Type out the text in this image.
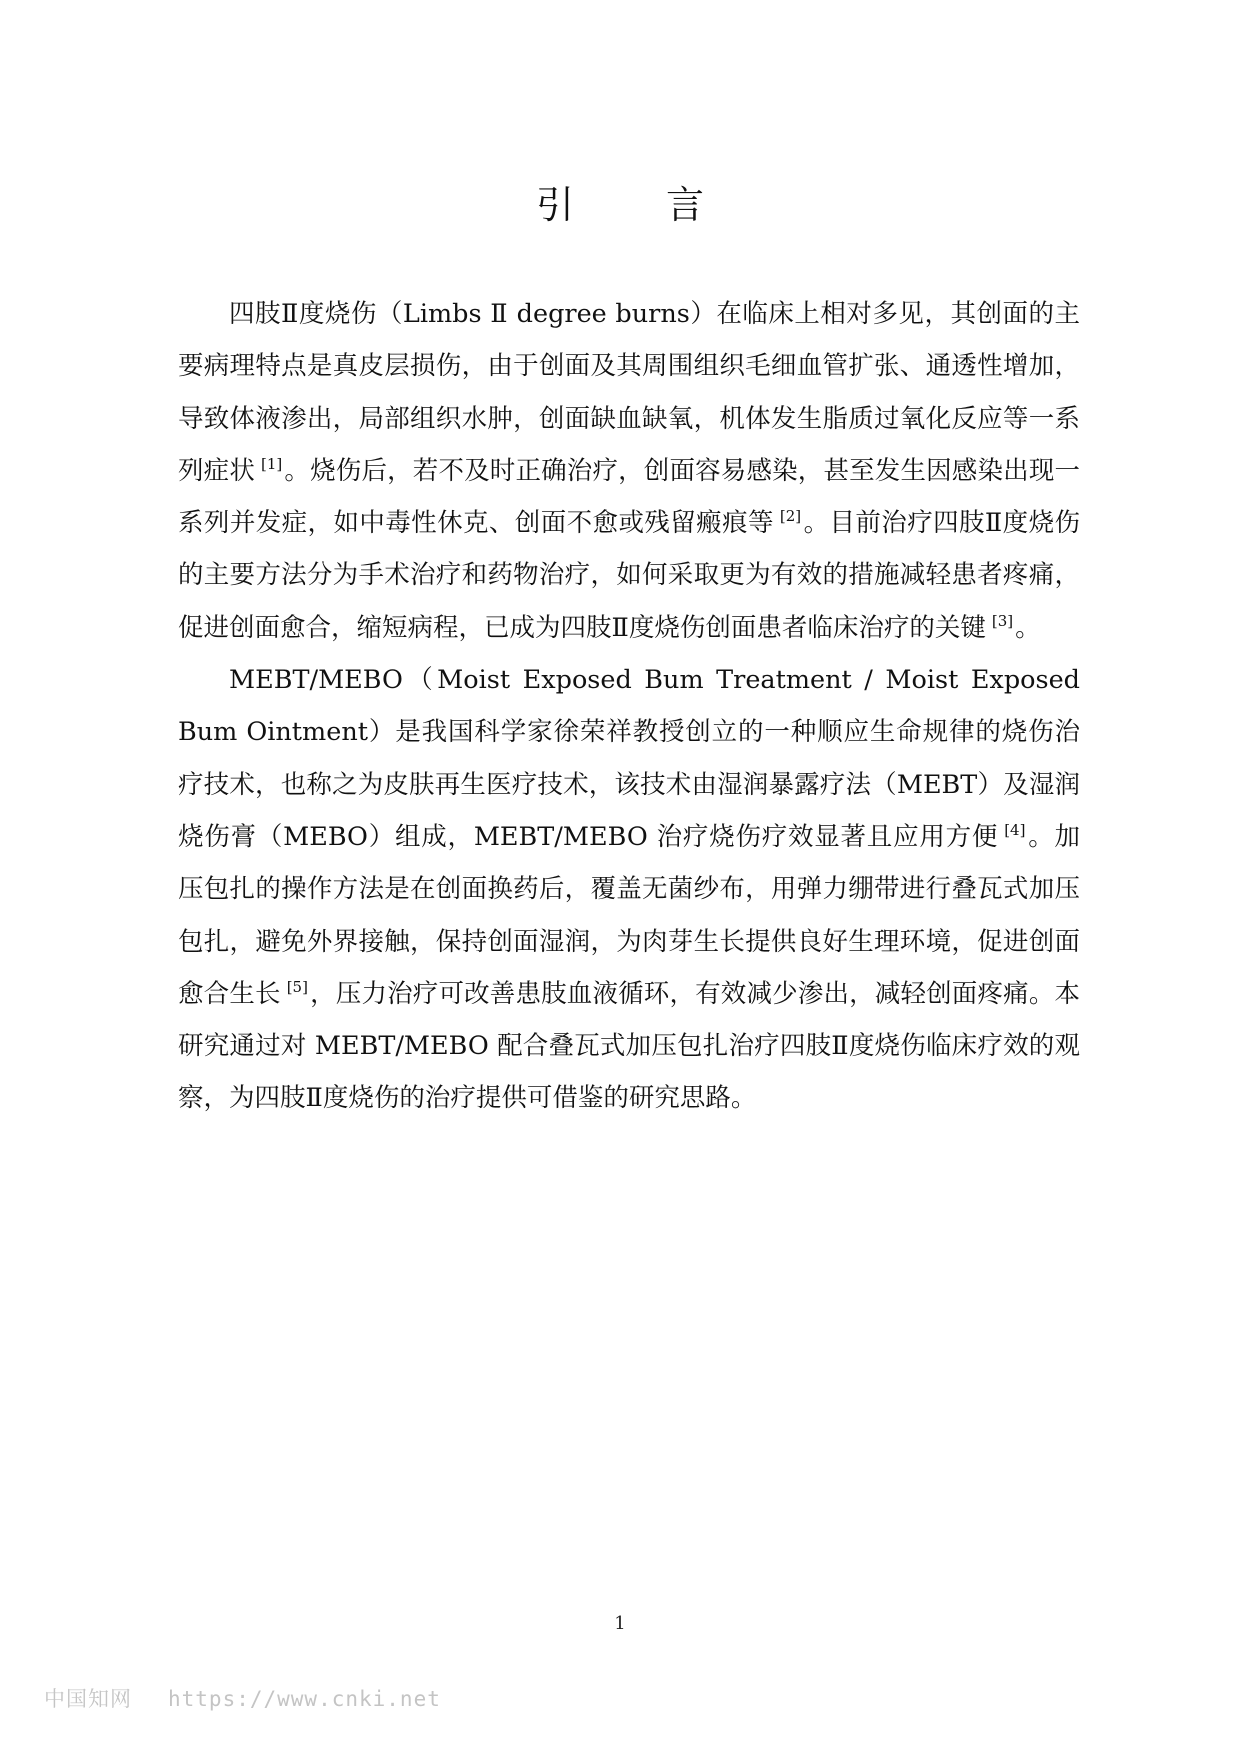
引 言

四肢Ⅱ度烧伤（Limbs Ⅱ degree burns）在临床上相对多见，其创面的主要病理特点是真皮层损伤，由于创面及其周围组织毛细血管扩张、通透性增加，导致体液渗出，局部组织水肿，创面缺血缺氧，机体发生脂质过氧化反应等一系列症状 [1]。烧伤后，若不及时正确治疗，创面容易感染，甚至发生因感染出现一系列并发症，如中毒性休克、创面不愈或残留瘢痕等 [2]。目前治疗四肢Ⅱ度烧伤的主要方法分为手术治疗和药物治疗，如何采取更为有效的措施减轻患者疼痛，促进创面愈合，缩短病程，已成为四肢Ⅱ度烧伤创面患者临床治疗的关键 [3]。

MEBT/MEBO（Moist Exposed Bum Treatment / Moist Exposed Bum Ointment）是我国科学家徐荣祥教授创立的一种顺应生命规律的烧伤治疗技术，也称之为皮肤再生医疗技术，该技术由湿润暴露疗法（MEBT）及湿润烧伤膏（MEBO）组成，MEBT/MEBO 治疗烧伤疗效显著且应用方便 [4]。加压包扎的操作方法是在创面换药后，覆盖无菌纱布，用弹力绷带进行叠瓦式加压包扎，避免外界接触，保持创面湿润，为肉芽生长提供良好生理环境，促进创面愈合生长 [5]，压力治疗可改善患肢血液循环，有效减少渗出，减轻创面疼痛。本研究通过对 MEBT/MEBO 配合叠瓦式加压包扎治疗四肢Ⅱ度烧伤临床疗效的观察，为四肢Ⅱ度烧伤的治疗提供可借鉴的研究思路。

1
中国知网 https://www.cnki.net
